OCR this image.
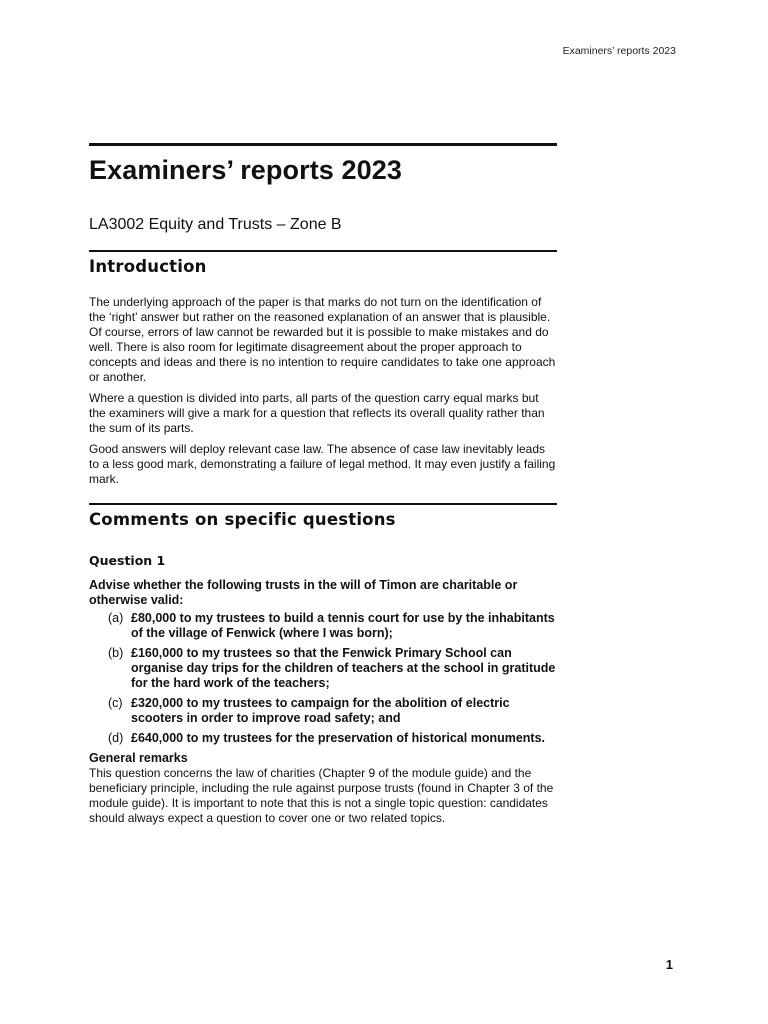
Examiners’ reports 2023
Examiners’ reports 2023
LA3002 Equity and Trusts – Zone B
Introduction

The underlying approach of the paper is that marks do not turn on the identification of the ‘right’ answer but rather on the reasoned explanation of an answer that is plausible. Of course, errors of law cannot be rewarded but it is possible to make mistakes and do well. There is also room for legitimate disagreement about the proper approach to concepts and ideas and there is no intention to require candidates to take one approach or another.

Where a question is divided into parts, all parts of the question carry equal marks but the examiners will give a mark for a question that reflects its overall quality rather than the sum of its parts.

Good answers will deploy relevant case law. The absence of case law inevitably leads to a less good mark, demonstrating a failure of legal method. It may even justify a failing mark.

Comments on specific questions
Question 1

Advise whether the following trusts in the will of Timon are charitable or otherwise valid:

(a) £80,000 to my trustees to build a tennis court for use by the inhabitants of the village of Fenwick (where I was born);
(b) £160,000 to my trustees so that the Fenwick Primary School can organise day trips for the children of teachers at the school in gratitude for the hard work of the teachers;
(c) £320,000 to my trustees to campaign for the abolition of electric scooters in order to improve road safety; and
(d) £640,000 to my trustees for the preservation of historical monuments.
General remarks

This question concerns the law of charities (Chapter 9 of the module guide) and the beneficiary principle, including the rule against purpose trusts (found in Chapter 3 of the module guide). It is important to note that this is not a single topic question: candidates should always expect a question to cover one or two related topics.

1
